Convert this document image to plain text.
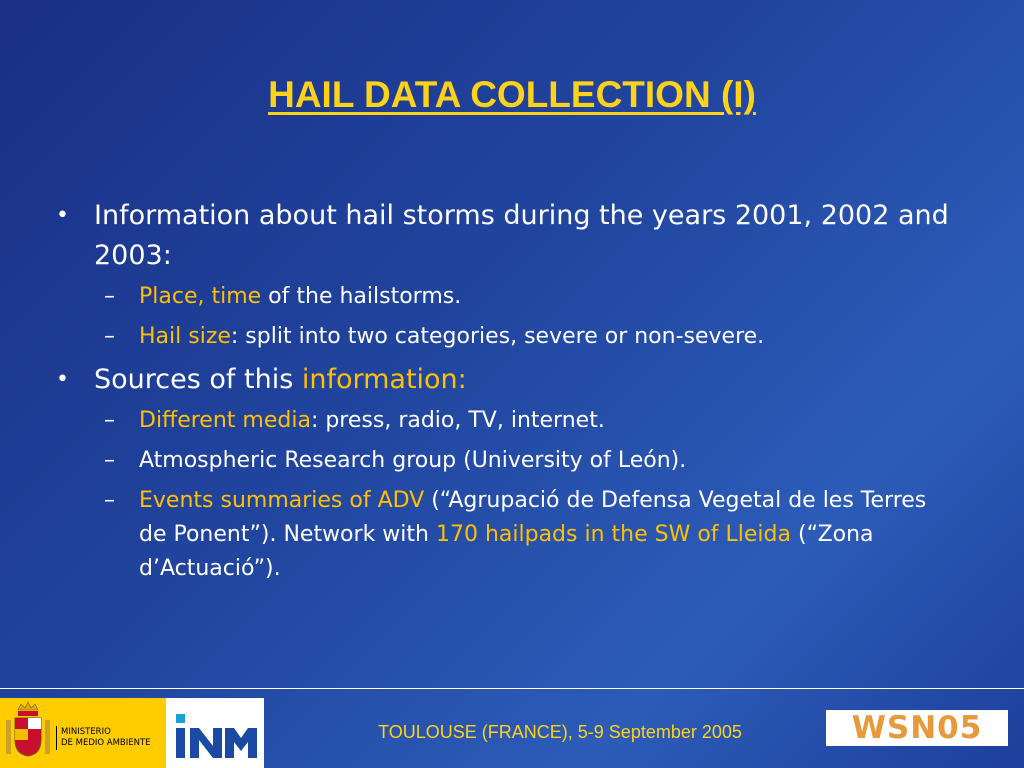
HAIL DATA COLLECTION (I)
• Information about hail storms during the years 2001, 2002 and 2003:
– Place, time of the hailstorms.
– Hail size: split into two categories, severe or non-severe.
• Sources of this information:
– Different media: press, radio, TV, internet.
– Atmospheric Research group (University of León).
– Events summaries of ADV (“Agrupació de Defensa Vegetal de les Terres de Ponent”). Network with 170 hailpads in the SW of Lleida (“Zona d’Actuació”).
MINISTERIO
DE MEDIO AMBIENTE
INM
TOULOUSE (FRANCE), 5-9 September 2005	WSN05
